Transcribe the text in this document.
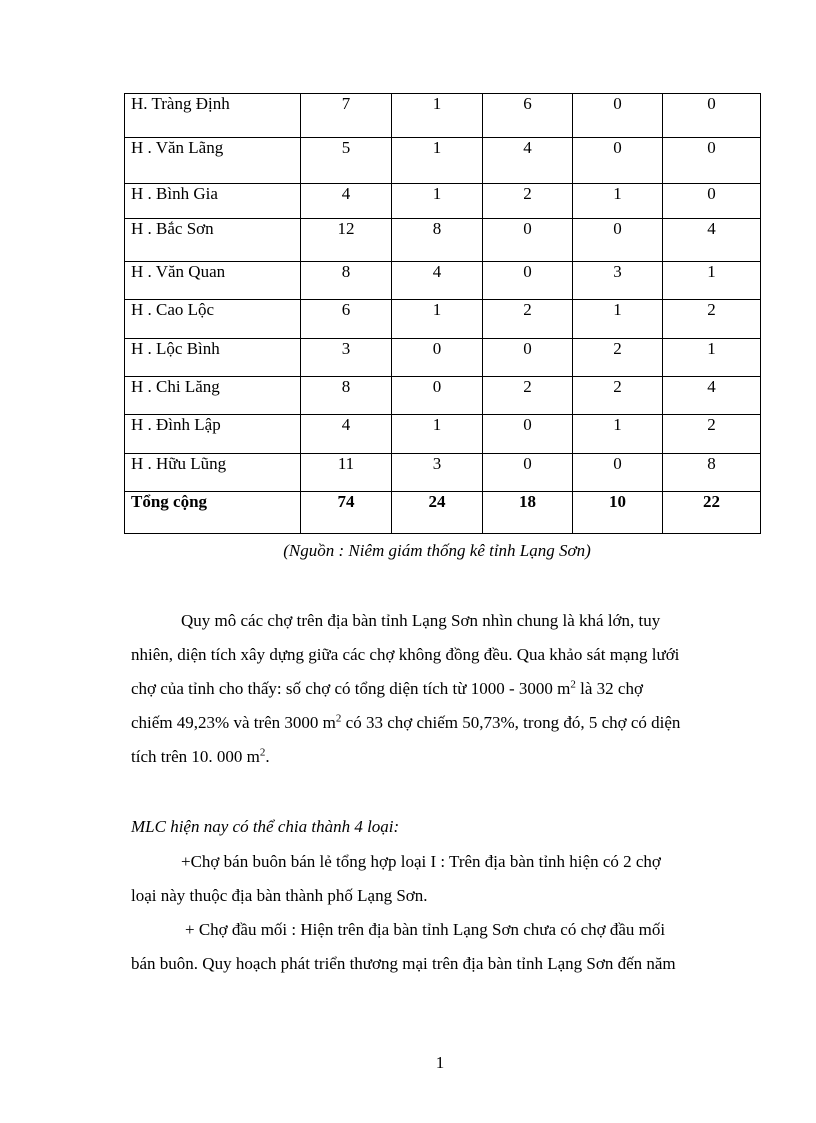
H. Tràng Định	7	1	6	0	0
H . Văn Lãng	5	1	4	0	0
H . Bình Gia	4	1	2	1	0
H . Bắc Sơn	12	8	0	0	4
H . Văn Quan	8	4	0	3	1
H . Cao Lộc	6	1	2	1	2
H . Lộc Bình	3	0	0	2	1
H . Chi Lăng	8	0	2	2	4
H . Đình Lập	4	1	0	1	2
H . Hữu Lũng	11	3	0	0	8
Tổng cộng	74	24	18	10	22
(Nguồn : Niêm giám thống kê tỉnh Lạng Sơn)

Quy mô các chợ trên địa bàn tỉnh Lạng Sơn nhìn chung là khá lớn, tuy
nhiên, diện tích xây dựng giữa các chợ không đồng đều. Qua khảo sát mạng lưới
chợ của tỉnh cho thấy: số chợ có tổng diện tích từ 1000 - 3000 $m^2$ là 32 chợ
chiếm 49,23% và trên 3000 $m^2$ có 33 chợ chiếm 50,73%, trong đó, 5 chợ có diện
tích trên 10. 000 $m^2$.

MLC hiện nay có thể chia thành 4 loại:

+Chợ bán buôn bán lẻ tổng hợp loại I : Trên địa bàn tỉnh hiện có 2 chợ
loại này thuộc địa bàn thành phố Lạng Sơn.

+ Chợ đầu mối : Hiện trên địa bàn tỉnh Lạng Sơn chưa có chợ đầu mối
bán buôn. Quy hoạch phát triển thương mại trên địa bàn tỉnh Lạng Sơn đến năm

1
